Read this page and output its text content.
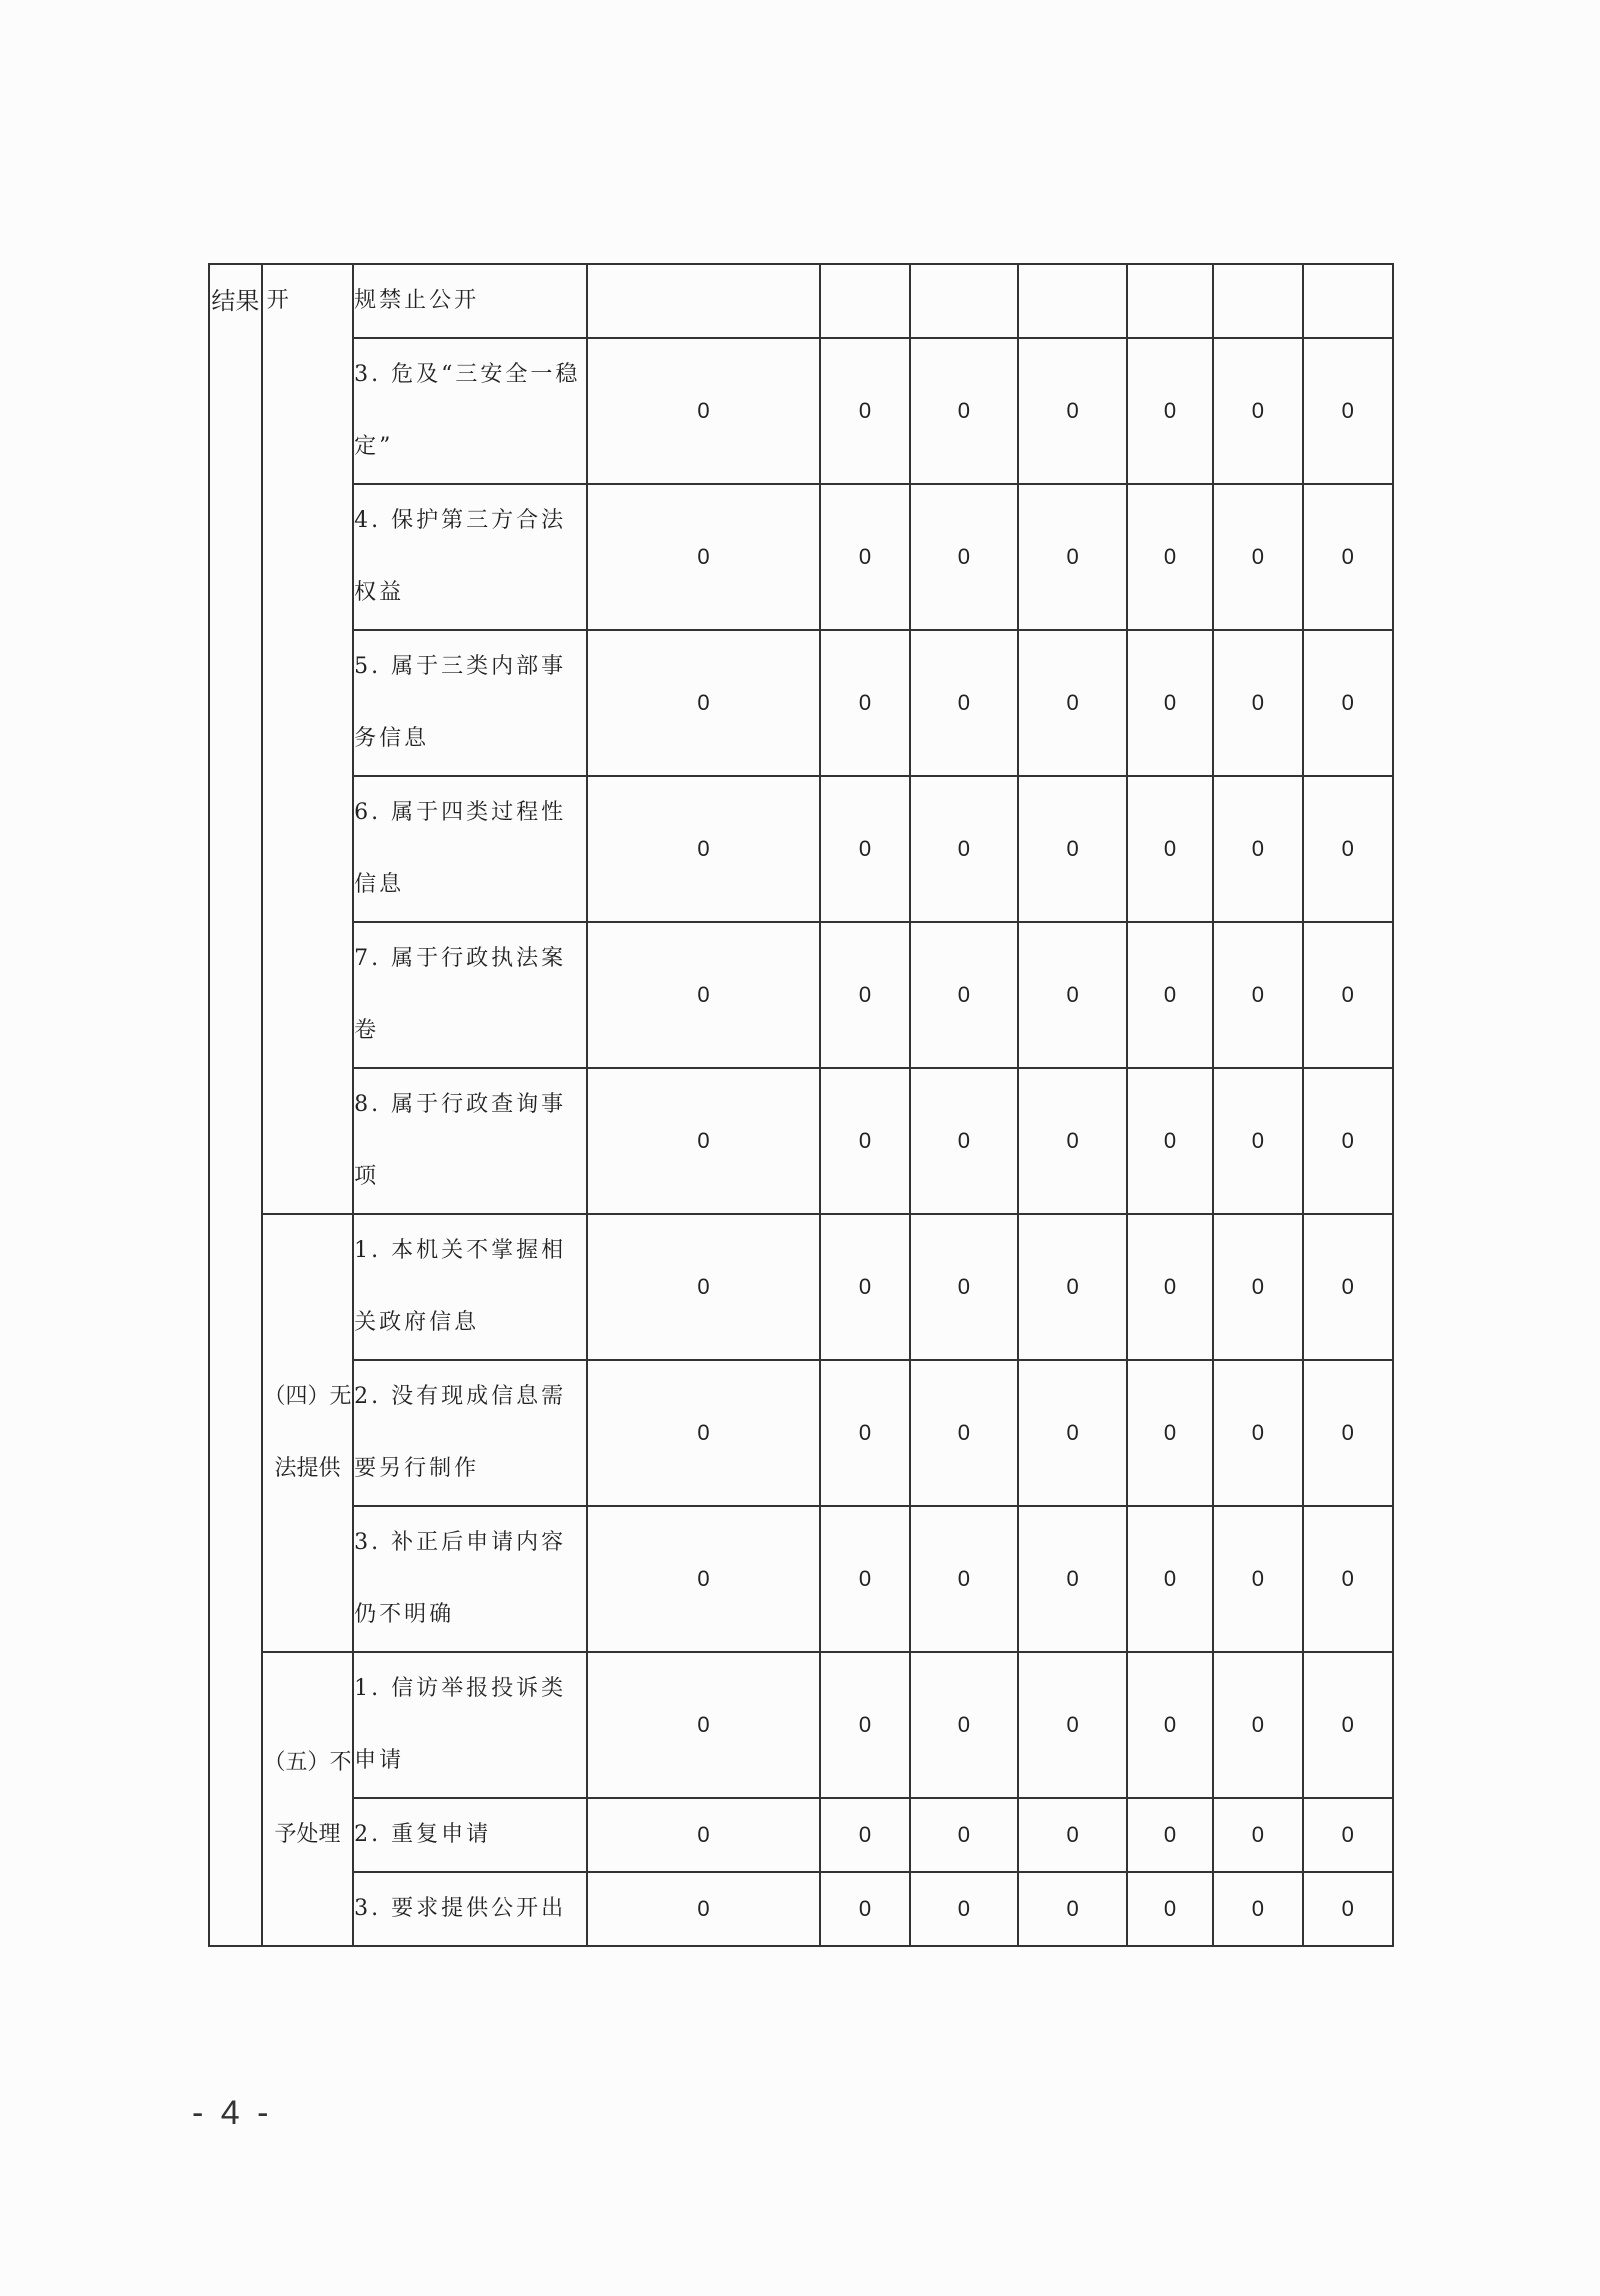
结果	开	规禁止公开							
		3. 危及“三安全一稳定”	0	0	0	0	0	0	0
		4. 保护第三方合法权益	0	0	0	0	0	0	0
		5. 属于三类内部事务信息	0	0	0	0	0	0	0
		6. 属于四类过程性信息	0	0	0	0	0	0	0
		7. 属于行政执法案卷	0	0	0	0	0	0	0
		8. 属于行政查询事项	0	0	0	0	0	0	0
	（四）无法提供	1. 本机关不掌握相关政府信息	0	0	0	0	0	0	0
		2. 没有现成信息需要另行制作	0	0	0	0	0	0	0
		3. 补正后申请内容仍不明确	0	0	0	0	0	0	0
	（五）不予处理	1. 信访举报投诉类申请	0	0	0	0	0	0	0
		2. 重复申请	0	0	0	0	0	0	0
		3. 要求提供公开出	0	0	0	0	0	0	0
- 4 -
